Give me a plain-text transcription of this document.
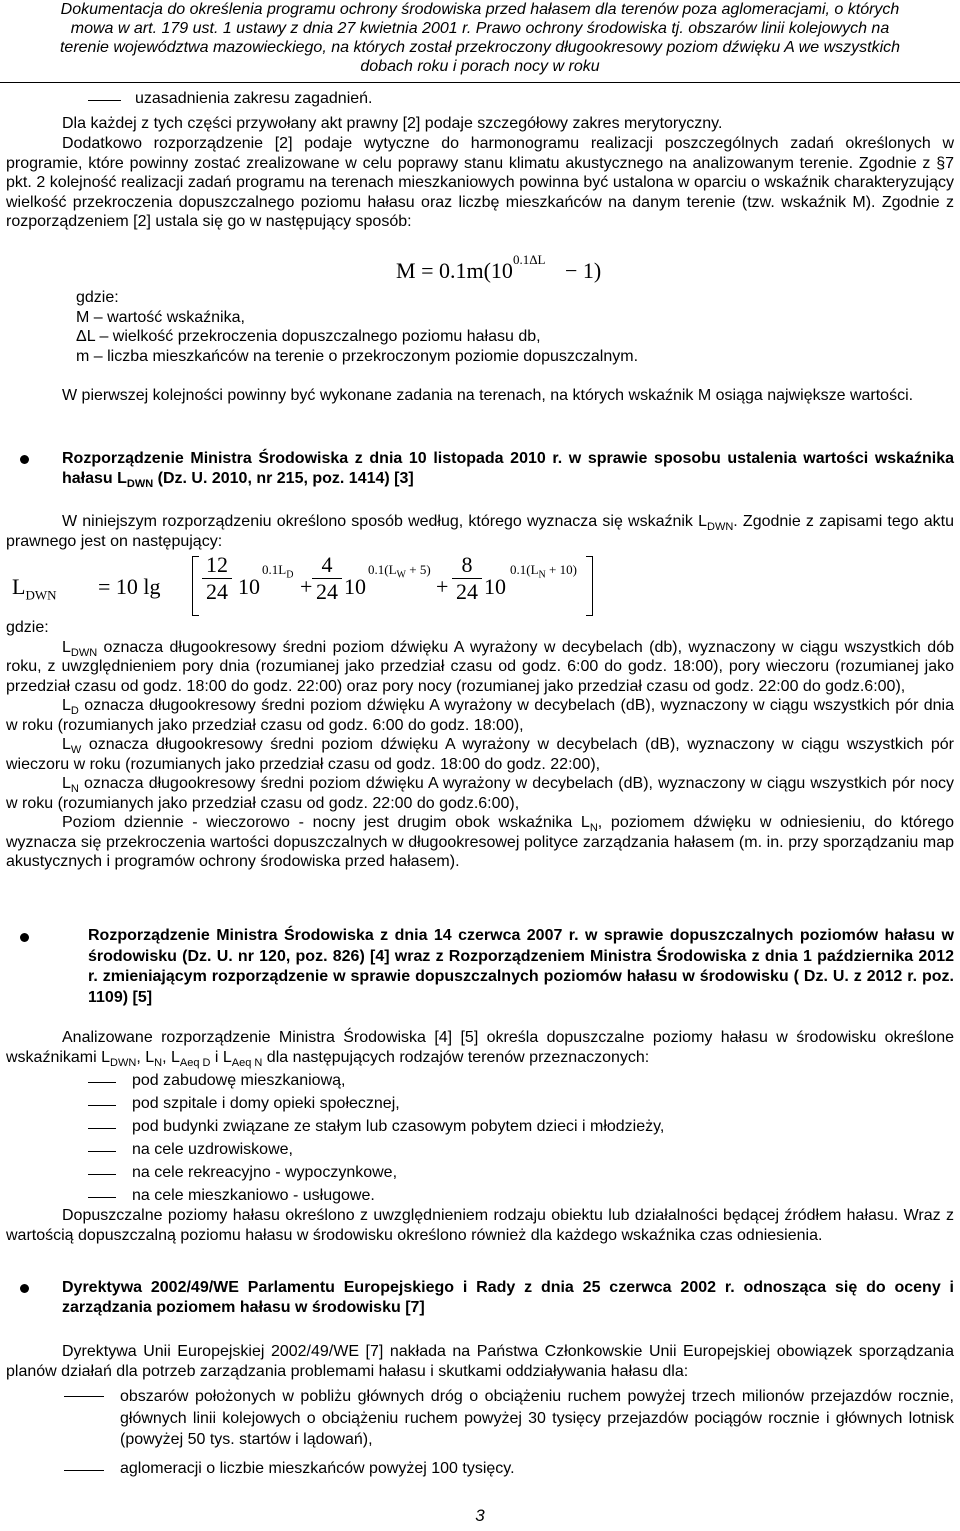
Dokumentacja do określenia programu ochrony środowiska przed hałasem dla terenów poza aglomeracjami, o których
mowa w art. 179 ust. 1 ustawy z dnia 27 kwietnia 2001 r. Prawo ochrony środowiska tj. obszarów linii kolejowych na
terenie województwa mazowieckiego, na których został przekroczony długookresowy poziom dźwięku A we wszystkich
dobach roku i porach nocy w roku
uzasadnienia zakresu zagadnień.
Dla każdej z tych części przywołany akt prawny [2] podaje szczegółowy zakres merytoryczny.
Dodatkowo rozporządzenie [2] podaje wytyczne do harmonogramu realizacji poszczególnych zadań określonych w programie, które powinny zostać zrealizowane w celu poprawy stanu klimatu akustycznego na analizowanym terenie. Zgodnie z §7 pkt. 2 kolejność realizacji zadań programu na terenach mieszkaniowych powinna być ustalona w oparciu o wskaźnik charakteryzujący wielkość przekroczenia dopuszczalnego poziomu hałasu oraz liczbę mieszkańców na danym terenie (tzw. wskaźnik M). Zgodnie z rozporządzeniem [2] ustala się go w następujący sposób:
$M = 0.1m(10^{0.1\Delta L} - 1)$
gdzie:
M – wartość wskaźnika,
ΔL – wielkość przekroczenia dopuszczalnego poziomu hałasu db,
m – liczba mieszkańców na terenie o przekroczonym poziomie dopuszczalnym.
W pierwszej kolejności powinny być wykonane zadania na terenach, na których wskaźnik M osiąga największe wartości.
Rozporządzenie Ministra Środowiska z dnia 10 listopada 2010 r. w sprawie sposobu ustalenia wartości wskaźnika hałasu $L_{DWN}$ (Dz. U. 2010, nr 215, poz. 1414) [3]
W niniejszym rozporządzeniu określono sposób według, którego wyznacza się wskaźnik $L_{DWN}$. Zgodnie z zapisami tego aktu prawnego jest on następujący:
$L_{DWN} = 10$ lg
12
24 10
$0.1L_D$ +
4
24 10
$0.1(L_W + 5)$
+
8
24 10
$0.1(L_N + 10)$
gdzie:
$L_{DWN}$ oznacza długookresowy średni poziom dźwięku A wyrażony w decybelach (db), wyznaczony w ciągu wszystkich dób roku, z uwzględnieniem pory dnia (rozumianej jako przedział czasu od godz. 6:00 do godz. 18:00), pory wieczoru (rozumianej jako przedział czasu od godz. 18:00 do godz. 22:00) oraz pory nocy (rozumianej jako przedział czasu od godz. 22:00 do godz.6:00),
$L_D$ oznacza długookresowy średni poziom dźwięku A wyrażony w decybelach (dB), wyznaczony w ciągu wszystkich pór dnia w roku (rozumianych jako przedział czasu od godz. 6:00 do godz. 18:00),
$L_W$ oznacza długookresowy średni poziom dźwięku A wyrażony w decybelach (dB), wyznaczony w ciągu wszystkich pór wieczoru w roku (rozumianych jako przedział czasu od godz. 18:00 do godz. 22:00),
$L_N$ oznacza długookresowy średni poziom dźwięku A wyrażony w decybelach (dB), wyznaczony w ciągu wszystkich pór nocy w roku (rozumianych jako przedział czasu od godz. 22:00 do godz.6:00),
Poziom dziennie - wieczorowo - nocny jest drugim obok wskaźnika $L_N$, poziomem dźwięku w odniesieniu, do którego wyznacza się przekroczenia wartości dopuszczalnych w długookresowej polityce zarządzania hałasem (m. in. przy sporządzaniu map akustycznych i programów ochrony środowiska przed hałasem).
Rozporządzenie Ministra Środowiska z dnia 14 czerwca 2007 r. w sprawie dopuszczalnych poziomów hałasu w środowisku (Dz. U. nr 120, poz. 826) [4] wraz z Rozporządzeniem Ministra Środowiska z dnia 1 października 2012 r. zmieniającym rozporządzenie w sprawie dopuszczalnych poziomów hałasu w środowisku ( Dz. U. z 2012 r. poz. 1109) [5]
Analizowane rozporządzenie Ministra Środowiska [4] [5] określa dopuszczalne poziomy hałasu w środowisku określone wskaźnikami $L_{DWN}$, $L_N$, $L_{Aeq D}$ i $L_{Aeq N}$ dla następujących rodzajów terenów przeznaczonych:
pod zabudowę mieszkaniową,
pod szpitale i domy opieki społecznej,
pod budynki związane ze stałym lub czasowym pobytem dzieci i młodzieży,
na cele uzdrowiskowe,
na cele rekreacyjno - wypoczynkowe,
na cele mieszkaniowo - usługowe.
Dopuszczalne poziomy hałasu określono z uwzględnieniem rodzaju obiektu lub działalności będącej źródłem hałasu. Wraz z wartością dopuszczalną poziomu hałasu w środowisku określono również dla każdego wskaźnika czas odniesienia.
Dyrektywa 2002/49/WE Parlamentu Europejskiego i Rady z dnia 25 czerwca 2002 r. odnosząca się do oceny i zarządzania poziomem hałasu w środowisku [7]
Dyrektywa Unii Europejskiej 2002/49/WE [7] nakłada na Państwa Członkowskie Unii Europejskiej obowiązek sporządzania planów działań dla potrzeb zarządzania problemami hałasu i skutkami oddziaływania hałasu dla:
obszarów położonych w pobliżu głównych dróg o obciążeniu ruchem powyżej trzech milionów przejazdów rocznie, głównych linii kolejowych o obciążeniu ruchem powyżej 30 tysięcy przejazdów pociągów rocznie i głównych lotnisk (powyżej 50 tys. startów i lądowań),
aglomeracji o liczbie mieszkańców powyżej 100 tysięcy.
3
